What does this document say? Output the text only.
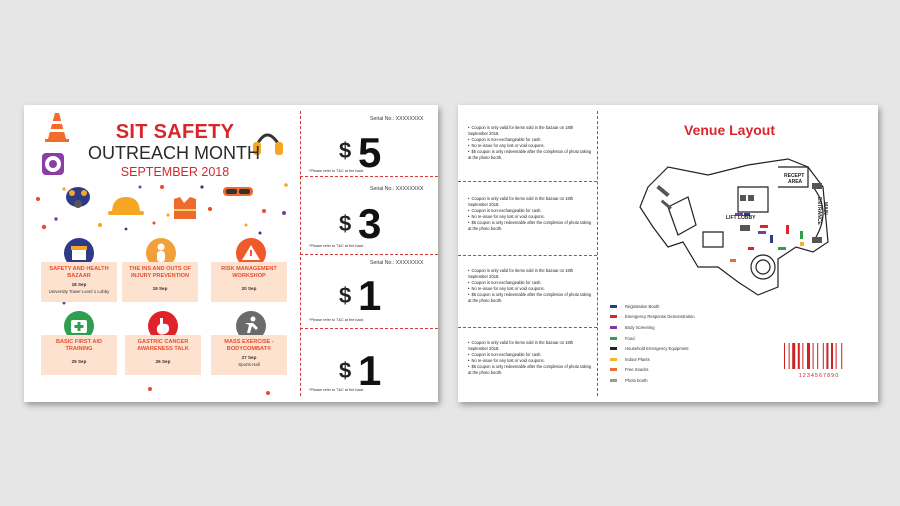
SIT SAFETY
OUTREACH MONTH
SEPTEMBER 2018
SAFETY AND HEALTH BAZAAR
18 Sep
University Tower Level 1 Lobby
THE INS AND OUTS OF INJURY PREVENTION
19 Sep
RISK MANAGEMENT WORKSHOP
20 Sep
BASIC FIRST AID TRAINING
25 Sep
GASTRIC CANCER AWARENESS TALK
26 Sep
MASS EXERCISE - BODYCOMBAT®
27 Sep
Sports Hall
Serial No.: XXXXXXXX
$ 5
*Please refer to T&C at the back
Serial No.: XXXXXXXX
$ 3
*Please refer to T&C at the back
Serial No.: XXXXXXXX
$ 1
*Please refer to T&C at the back
$ 1
*Please refer to T&C at the back
• Coupon is only valid for items sold in the bazaar on 18th September 2018.
• Coupon is non-exchangeable for cash.
• No re-issue for any lost or void coupons.
• $5 coupon is only redeemable after the completion of photo taking at the photo booth.
• Coupon is only valid for items sold in the bazaar on 18th September 2018.
• Coupon is non-exchangeable for cash.
• No re-issue for any lost or void coupons.
• $5 coupon is only redeemable after the completion of photo taking at the photo booth.
• Coupon is only valid for items sold in the bazaar on 18th September 2018.
• Coupon is non-exchangeable for cash.
• No re-issue for any lost or void coupons.
• $5 coupon is only redeemable after the completion of photo taking at the photo booth.
• Coupon is only valid for items sold in the bazaar on 18th September 2018.
• Coupon is non-exchangeable for cash.
• No re-issue for any lost or void coupons.
• $5 coupon is only redeemable after the completion of photo taking at the photo booth.
Venue Layout
RECEPT
AREA
LIFT LOBBY
MAIN
ENTRANCE
Registration Booth
Emergency Response Demonstration
Body Screening
Food
Household Emergency Equipment
Indoor Plants
Free Snacks
Photo booth
1234567890
